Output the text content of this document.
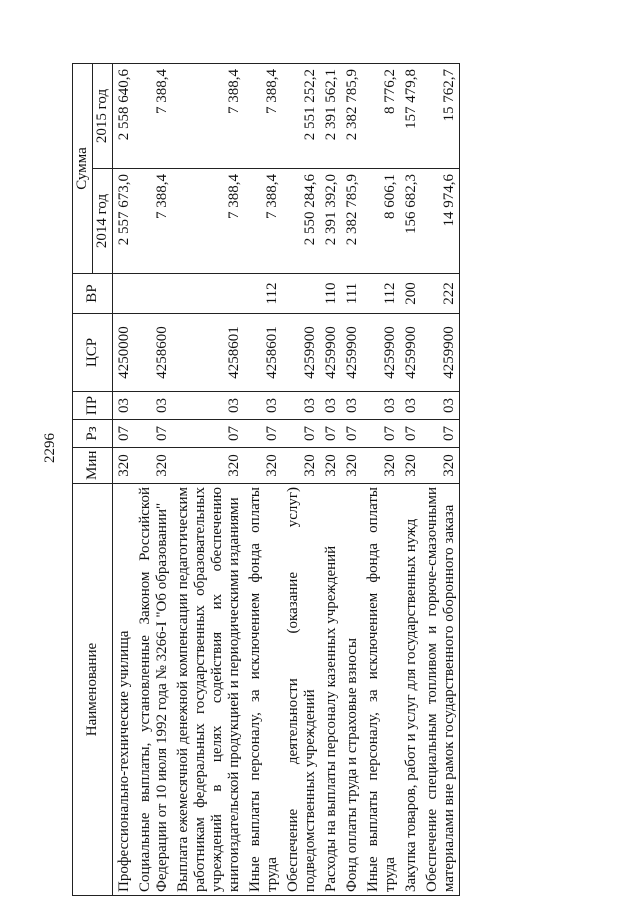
2296
Наименование	Мин	Рз	ПР	ЦСР	ВР	Сумма	
						2014 год	2015 год
Профессионально-технические училища	320	07	03	4250000		2 557 673,0	2 558 640,6
Социальные выплаты, установленные Законом Российской Федерации от 10 июля 1992 года № 3266-I "Об образовании"	320	07	03	4258600		7 388,4	7 388,4
Выплата ежемесячной денежной компенсации педагогическим работникам федеральных государственных образовательных учреждений в целях содействия их обеспечению книгоиздательской продукцией и периодическими изданиями	320	07	03	4258601		7 388,4	7 388,4
Иные выплаты персоналу, за исключением фонда оплаты труда	320	07	03	4258601	112	7 388,4	7 388,4
Обеспечение деятельности (оказание услуг) подведомственных учреждений	320	07	03	4259900		2 550 284,6	2 551 252,2
Расходы на выплаты персоналу казенных учреждений	320	07	03	4259900	110	2 391 392,0	2 391 562,1
Фонд оплаты труда и страховые взносы	320	07	03	4259900	111	2 382 785,9	2 382 785,9
Иные выплаты персоналу, за исключением фонда оплаты труда	320	07	03	4259900	112	8 606,1	8 776,2
Закупка товаров, работ и услуг для государственных нужд	320	07	03	4259900	200	156 682,3	157 479,8
Обеспечение специальным топливом и горюче-смазочными материалами вне рамок государственного оборонного заказа	320	07	03	4259900	222	14 974,6	15 762,7
